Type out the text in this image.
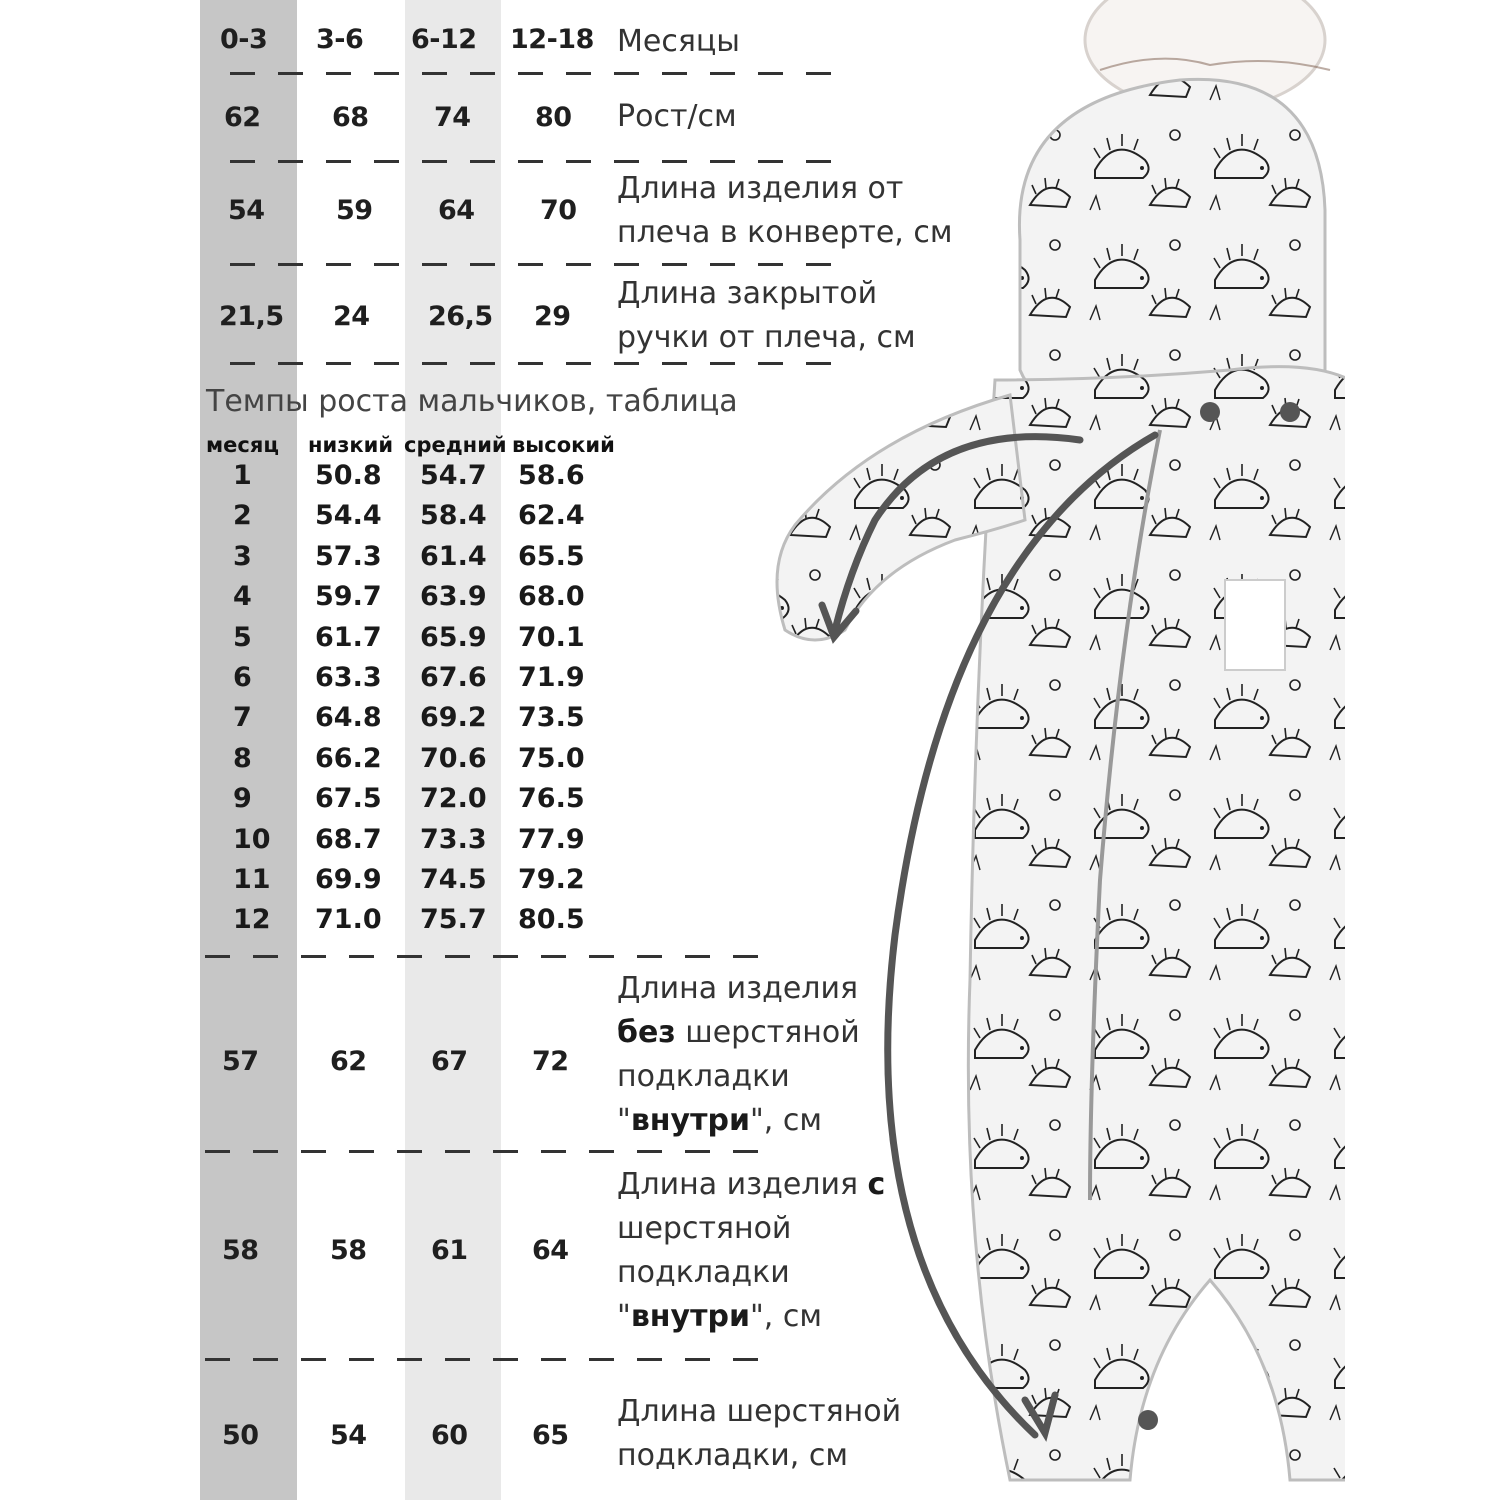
0-3 3-6 6-12 12-18 Месяцы
62	68 74 80 Рост/см
54	59 64 70
Длина изделия от
плеча в конверте, см
21,5 24 26,5 29
Длина закрытой
ручки от плеча, см
Темпы роста мальчиков, таблица
месяц низкий средний высокий
1 50.8 54.7 58.6
2 54.4 58.4 62.4
3 57.3 61.4 65.5
4 59.7 63.9 68.0
5 61.7 65.9 70.1
6 63.3 67.6 71.9
7 64.8 69.2 73.5
8 66.2 70.6 75.0
9 67.5 72.0 76.5
10 68.7 73.3 77.9
11 69.9 74.5 79.2
12 71.0 75.7 80.5
57	62 67 72
Длина изделия
без шерстяной
подкладки
"внутри", см
58	58 61 64
Длина изделия с
шерстяной
подкладки
"внутри", см
50	54 60 65
Длина шерстяной
подкладки, см
